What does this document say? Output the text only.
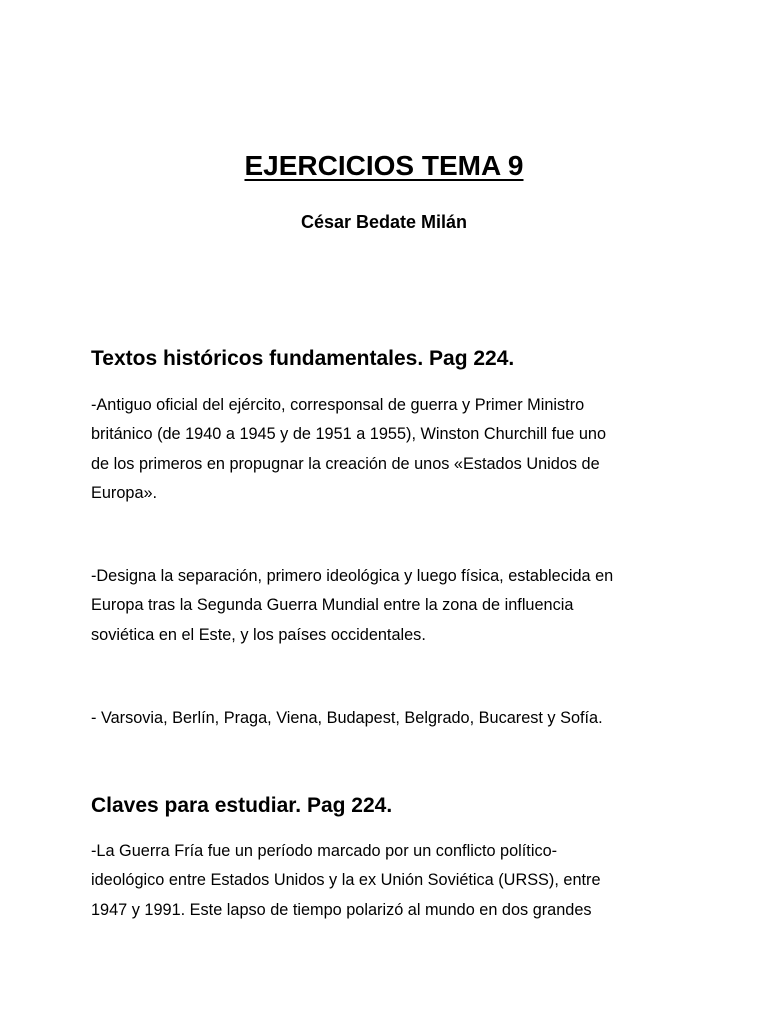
EJERCICIOS TEMA 9

César Bedate Milán

Textos históricos fundamentales. Pag 224.

-Antiguo oficial del ejército, corresponsal de guerra y Primer Ministro
británico (de 1940 a 1945 y de 1951 a 1955), Winston Churchill fue uno
de los primeros en propugnar la creación de unos «Estados Unidos de
Europa».

-Designa la separación, primero ideológica y luego física, establecida en
Europa tras la Segunda Guerra Mundial entre la zona de influencia
soviética en el Este, y los países occidentales.

- Varsovia, Berlín, Praga, Viena, Budapest, Belgrado, Bucarest y Sofía.

Claves para estudiar. Pag 224.

-La Guerra Fría fue un período marcado por un conflicto político-
ideológico entre Estados Unidos y la ex Unión Soviética (URSS), entre
1947 y 1991. Este lapso de tiempo polarizó al mundo en dos grandes
